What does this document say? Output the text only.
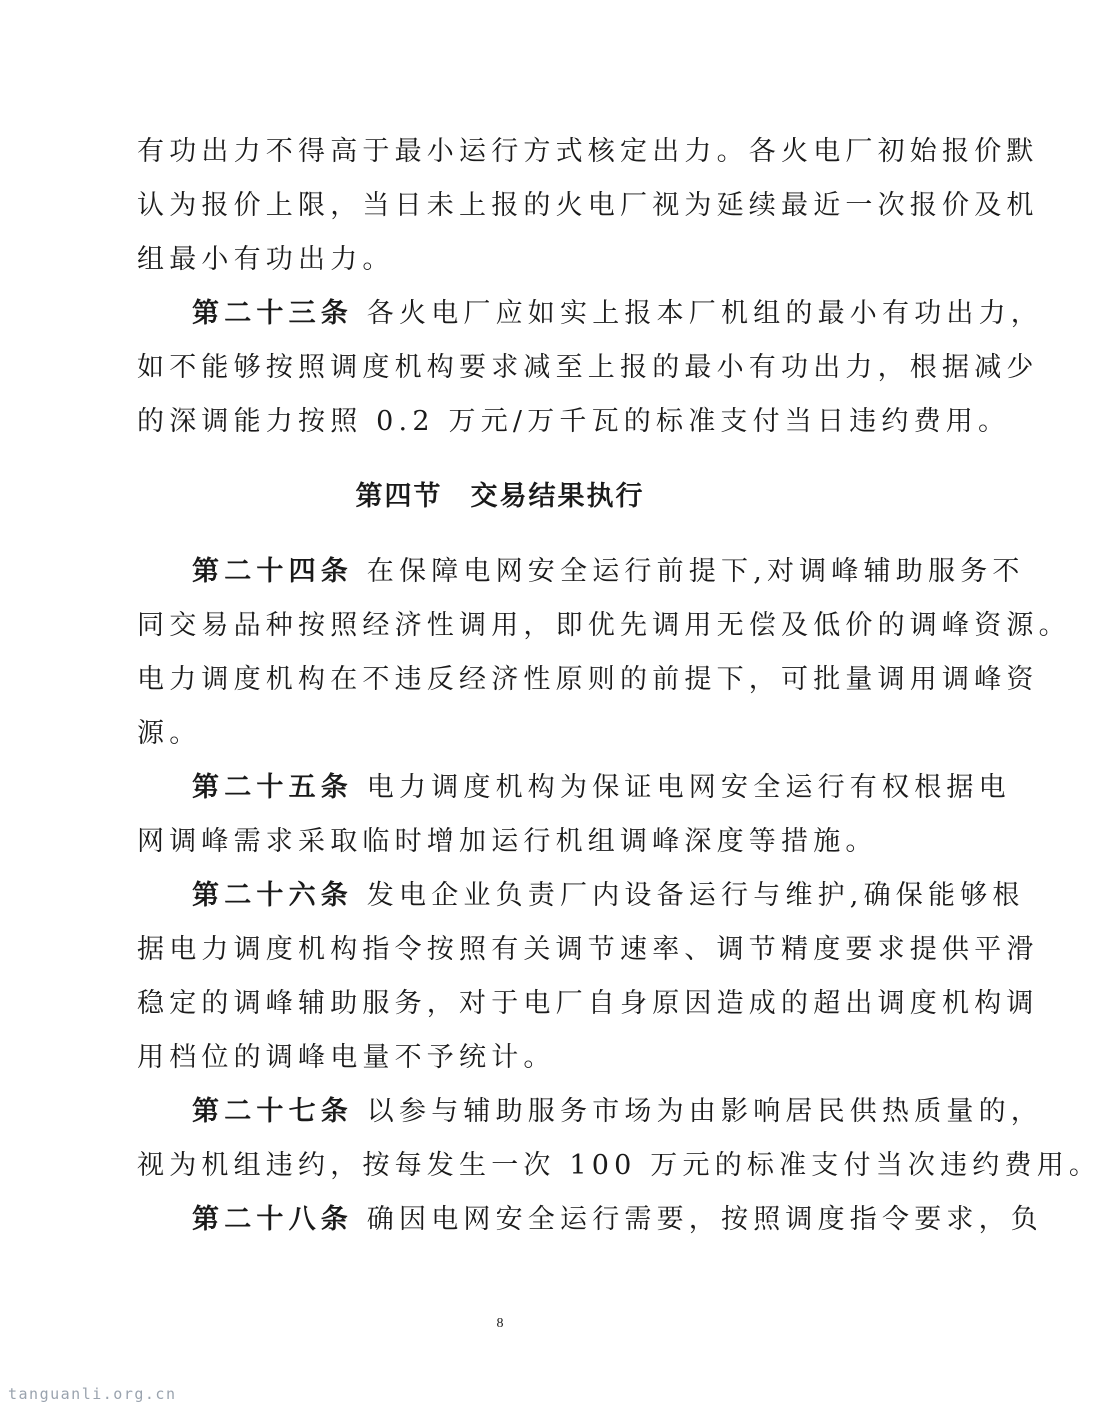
有功出力不得高于最小运行方式核定出力。各火电厂初始报价默
认为报价上限，当日未上报的火电厂视为延续最近一次报价及机
组最小有功出力。
第二十三条 各火电厂应如实上报本厂机组的最小有功出力，
如不能够按照调度机构要求减至上报的最小有功出力，根据减少
的深调能力按照 0.2 万元/万千瓦的标准支付当日违约费用。
第四节 交易结果执行
第二十四条 在保障电网安全运行前提下,对调峰辅助服务不
同交易品种按照经济性调用，即优先调用无偿及低价的调峰资源。
电力调度机构在不违反经济性原则的前提下，可批量调用调峰资
源。
第二十五条 电力调度机构为保证电网安全运行有权根据电
网调峰需求采取临时增加运行机组调峰深度等措施。
第二十六条 发电企业负责厂内设备运行与维护,确保能够根
据电力调度机构指令按照有关调节速率、调节精度要求提供平滑
稳定的调峰辅助服务，对于电厂自身原因造成的超出调度机构调
用档位的调峰电量不予统计。
第二十七条 以参与辅助服务市场为由影响居民供热质量的，
视为机组违约，按每发生一次 100 万元的标准支付当次违约费用。
第二十八条 确因电网安全运行需要，按照调度指令要求，负
8
tanguanli.org.cn
